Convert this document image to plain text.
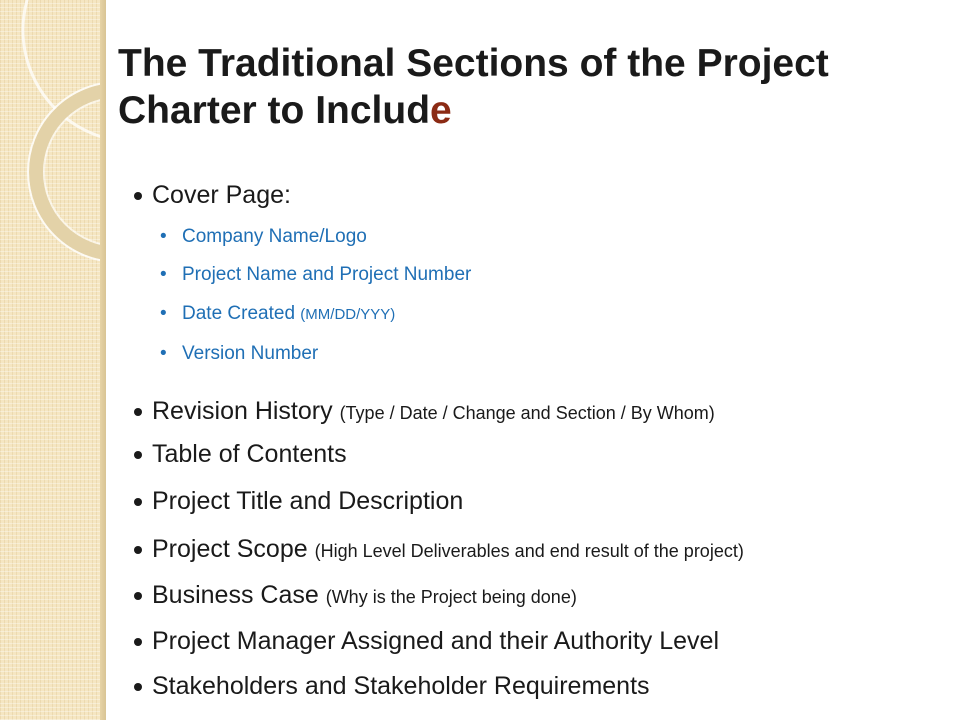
The Traditional Sections of the Project Charter to Include
Cover Page:
• Company Name/Logo
• Project Name and Project Number
• Date Created (MM/DD/YYY)
• Version Number
Revision History (Type / Date / Change and Section / By Whom)
Table of Contents
Project Title and Description
Project Scope (High Level Deliverables and end result of the project)
Business Case (Why is the Project being done)
Project Manager Assigned and their Authority Level
Stakeholders and Stakeholder Requirements
